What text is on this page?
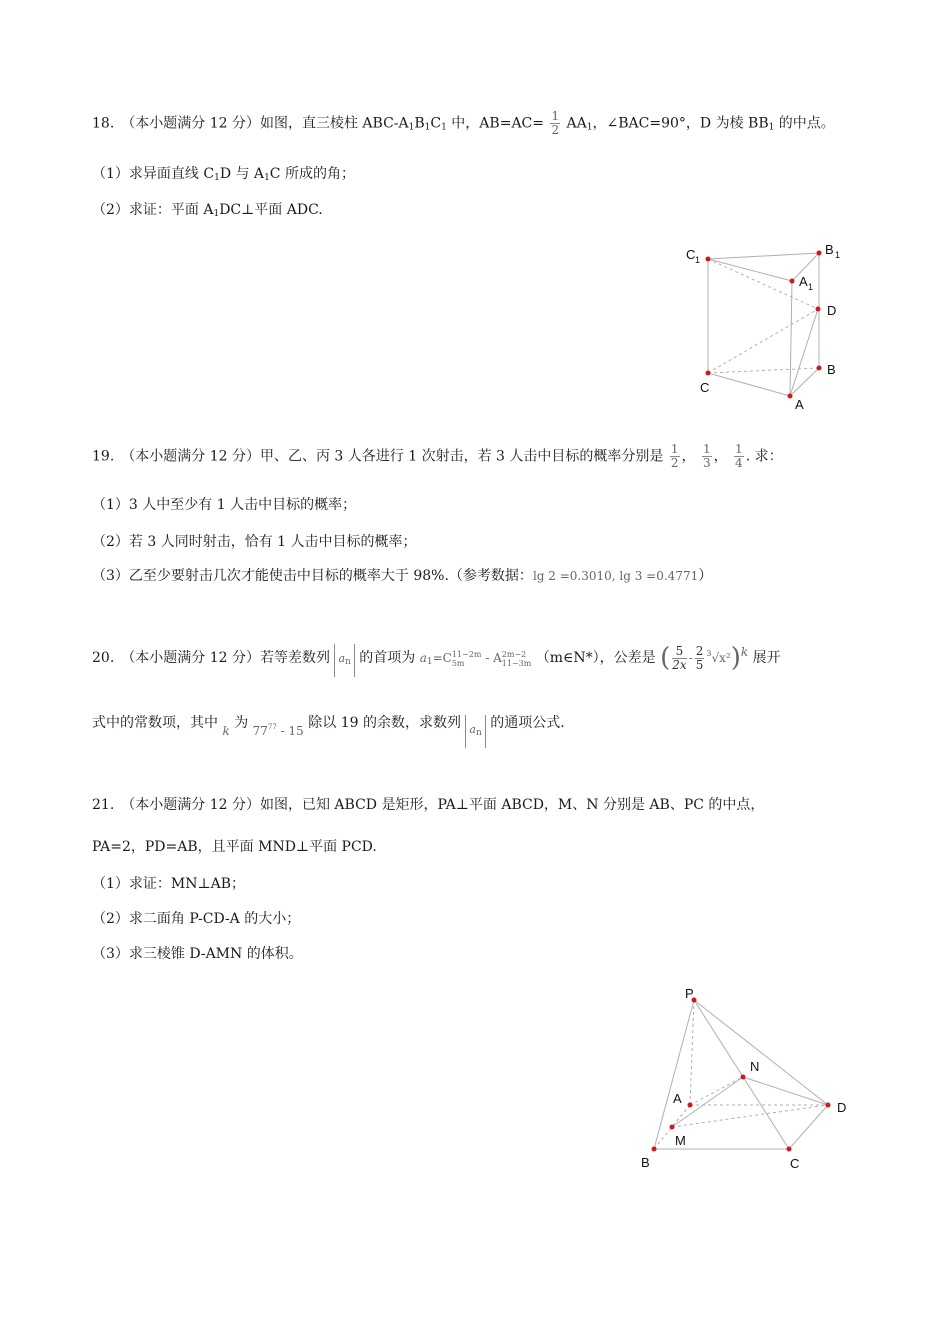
18.　（本小题满分 12 分）如图，直三棱柱 ABC-$A_1B_1C_1$ 中，$AB=AC= \frac{1}{2} AA_1$，∠BAC=90°，D 为棱 $BB_1$ 的中点。
（1）求异面直线 $C_1D$ 与 $A_1C$ 所成的角；
（2）求证：平面 $A_1DC\perp$平面 ADC.
C 1
B 1
A 1
D
B
C
A
19.　（本小题满分 12 分）甲、乙、丙 3 人各进行 1 次射击，若 3 人击中目标的概率分别是 $\frac{1}{2}$ ， $\frac{1}{3}$ ， $\frac{1}{4}$ . 求：
（1）3 人中至少有 1 人击中目标的概率；
（2）若 3 人同时射击，恰有 1 人击中目标的概率；
（3）乙至少要射击几次才能使击中目标的概率大于 98%.（参考数据：lg 2 =0.3010, lg 3 =0.4771）
20.　（本小题满分 12 分）若等差数列 $a_n$ 的首项为 $a_1=C$ 11−2m
5m	- A 2m−2
11−3m （m∈N*），公差是 ( $\frac{5}{2x} - \frac{2}{5} ^3√x^2)k$ 展开
式中的常数项，其中 k 为 $77^{77} - 15$ 除以 19 的余数，求数列 $a_n$ 的通项公式.
21.　（本小题满分 12 分）如图，已知 ABCD 是矩形，PA⊥平面 ABCD，M、N 分别是 AB、PC 的中点，
PA=2，PD=AB，且平面 MND⊥平面 PCD.
（1）求证：MN⊥AB；
（2）求二面角 P-CD-A 的大小；
（3）求三棱锥 D-AMN 的体积。
P
N
A
D
M
B	C
